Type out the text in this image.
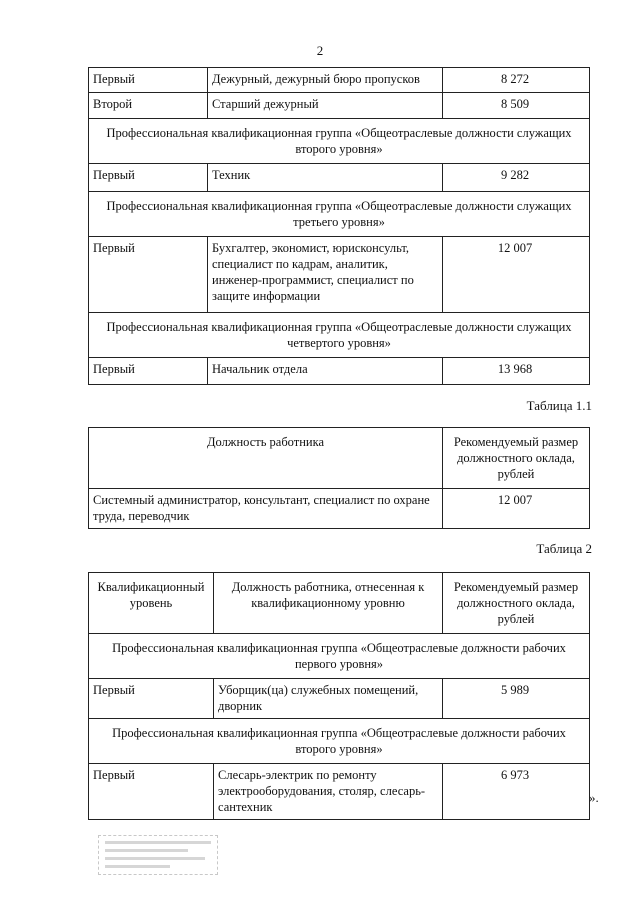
2
Первый	Дежурный, дежурный бюро пропусков	8 272
Второй	Старший дежурный	8 509
Профессиональная квалификационная группа «Общеотраслевые должности служащих второго уровня»		
Первый	Техник	9 282
Профессиональная квалификационная группа «Общеотраслевые должности служащих третьего уровня»		
Первый	Бухгалтер, экономист, юрисконсульт, специалист по кадрам, аналитик, инженер-программист, специалист по защите информации	12 007
Профессиональная квалификационная группа «Общеотраслевые должности служащих четвертого уровня»		
Первый	Начальник отдела	13 968
Таблица 1.1
Должность работника	Рекомендуемый размер должностного оклада, рублей
Системный администратор, консультант, специалист по охране труда, переводчик	12 007
Таблица 2
Квалификационный уровень	Должность работника, отнесенная к квалификационному уровню	Рекомендуемый размер должностного оклада, рублей
Профессиональная квалификационная группа «Общеотраслевые должности рабочих первого уровня»		
Первый	Уборщик(ца) служебных помещений, дворник	5 989
Профессиональная квалификационная группа «Общеотраслевые должности рабочих второго уровня»		
Первый	Слесарь-электрик по ремонту электрооборудования, столяр, слесарь-сантехник	6 973
».
